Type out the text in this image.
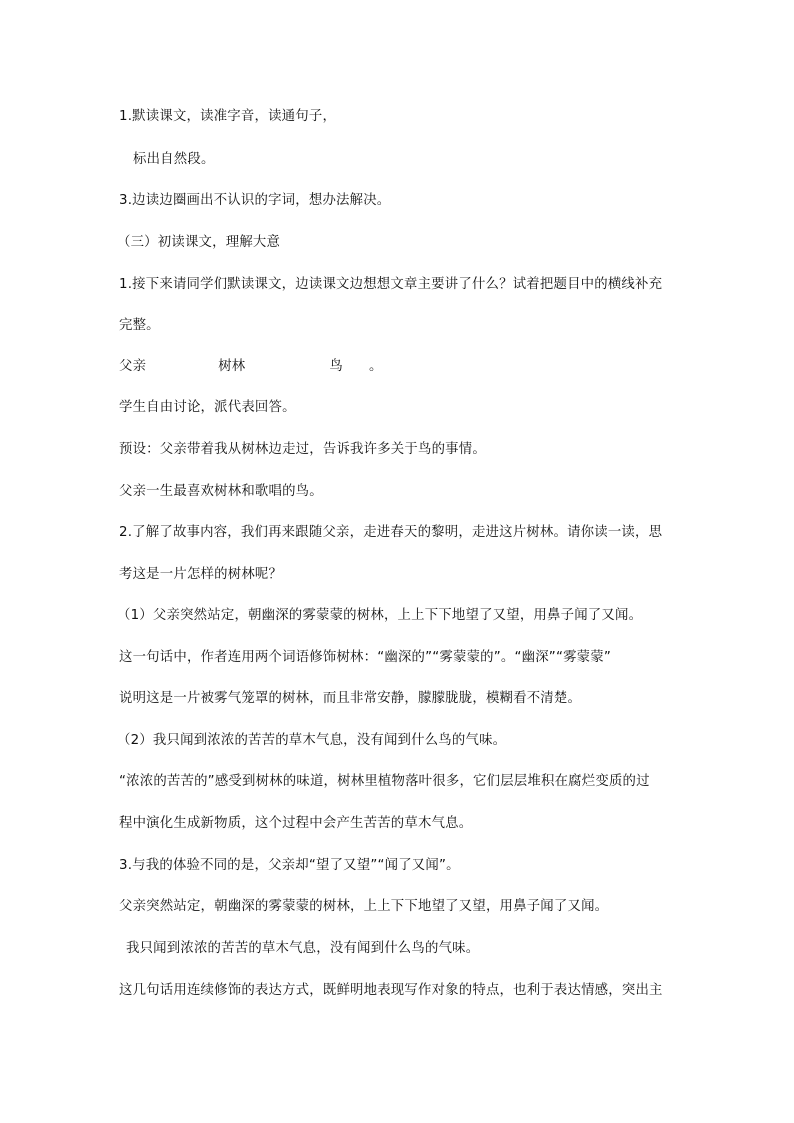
1.默读课文，读准字音，读通句子，
标出自然段。
3.边读边圈画出不认识的字词，想办法解决。
（三）初读课文，理解大意
1.接下来请同学们默读课文，边读课文边想想文章主要讲了什么？试着把题目中的横线补充
完整。
父亲	树林	鸟 。
学生自由讨论，派代表回答。
预设：父亲带着我从树林边走过，告诉我许多关于鸟的事情。
父亲一生最喜欢树林和歌唱的鸟。
2.了解了故事内容，我们再来跟随父亲，走进春天的黎明，走进这片树林。请你读一读，思
考这是一片怎样的树林呢？
（1）父亲突然站定，朝幽深的雾蒙蒙的树林，上上下下地望了又望，用鼻子闻了又闻。
这一句话中，作者连用两个词语修饰树林：“幽深的”“雾蒙蒙的”。“幽深”“雾蒙蒙”
说明这是一片被雾气笼罩的树林，而且非常安静，朦朦胧胧，模糊看不清楚。
（2）我只闻到浓浓的苦苦的草木气息，没有闻到什么鸟的气味。
“浓浓的苦苦的”感受到树林的味道，树林里植物落叶很多，它们层层堆积在腐烂变质的过
程中演化生成新物质，这个过程中会产生苦苦的草木气息。
3.与我的体验不同的是，父亲却“望了又望”“闻了又闻”。
父亲突然站定，朝幽深的雾蒙蒙的树林，上上下下地望了又望，用鼻子闻了又闻。
我只闻到浓浓的苦苦的草木气息，没有闻到什么鸟的气味。
这几句话用连续修饰的表达方式，既鲜明地表现写作对象的特点，也利于表达情感，突出主
